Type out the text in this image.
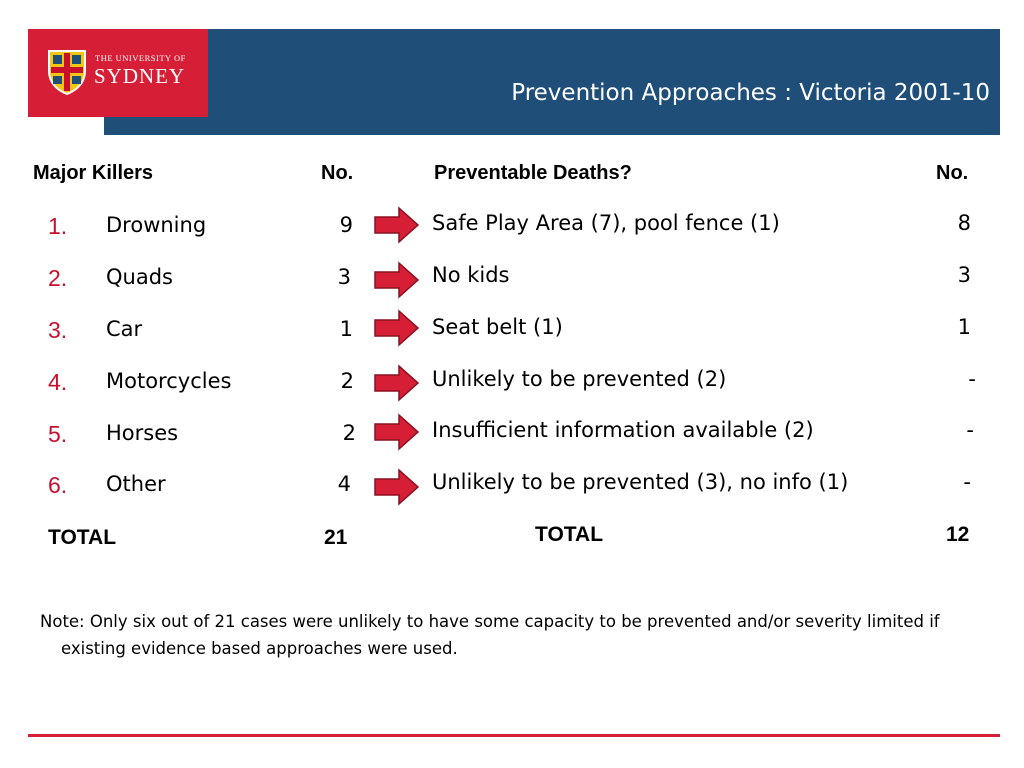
THE UNIVERSITY OF
SYDNEY
Prevention Approaches : Victoria 2001-10
Major Killers	No.	Preventable Deaths?	No.
1. Drowning	9	Safe Play Area (7), pool fence (1)	8
2. Quads	3	No kids	3
3. Car	1	Seat belt (1)	1
4. Motorcycles	2	Unlikely to be prevented (2)	-
5. Horses	2	Insufficient information available (2)	-
6. Other	4	Unlikely to be prevented (3), no info (1)	-
TOTAL	21	TOTAL	12
Note: Only six out of 21 cases were unlikely to have some capacity to be prevented and/or severity limited if existing evidence based approaches were used.
